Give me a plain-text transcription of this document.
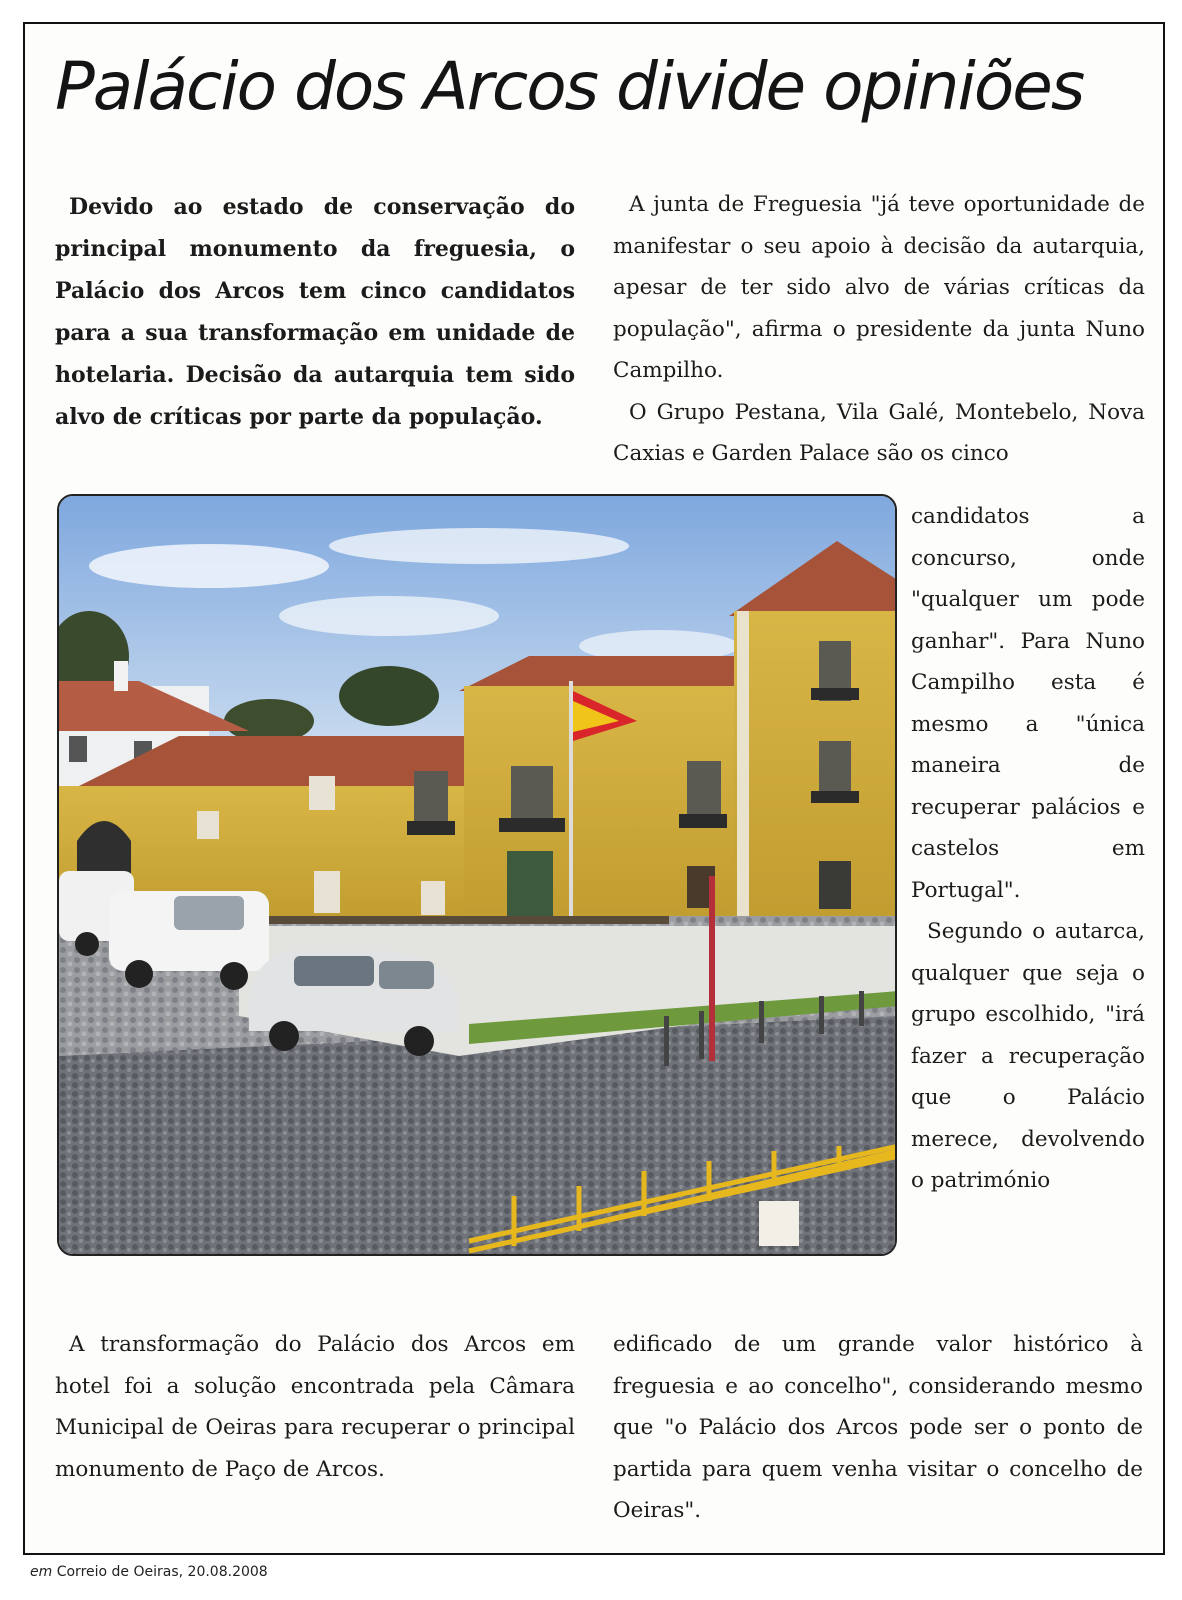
Palácio dos Arcos divide opiniões
Devido ao estado de conservação do principal monumento da freguesia, o Palácio dos Arcos tem cinco candidatos para a sua transformação em unidade de hotelaria. Decisão da autarquia tem sido alvo de críticas por parte da população.

A junta de Freguesia "já teve oportunidade de manifestar o seu apoio à decisão da autarquia, apesar de ter sido alvo de várias críticas da população", afirma o presidente da junta Nuno Campilho.

O Grupo Pestana, Vila Galé, Montebelo, Nova Caxias e Garden Palace são os cinco

candidatos a concurso, onde "qualquer um pode ganhar". Para Nuno Campilho esta é mesmo a "única maneira de recuperar palácios e castelos em Portugal".

Segundo o autarca, qualquer que seja o grupo escolhido, "irá fazer a recuperação que o Palácio merece, devolvendo o património

A transformação do Palácio dos Arcos em hotel foi a solução encontrada pela Câmara Municipal de Oeiras para recuperar o principal monumento de Paço de Arcos.

edificado de um grande valor histórico à freguesia e ao concelho", considerando mesmo que "o Palácio dos Arcos pode ser o ponto de partida para quem venha visitar o concelho de Oeiras".

em Correio de Oeiras, 20.08.2008
